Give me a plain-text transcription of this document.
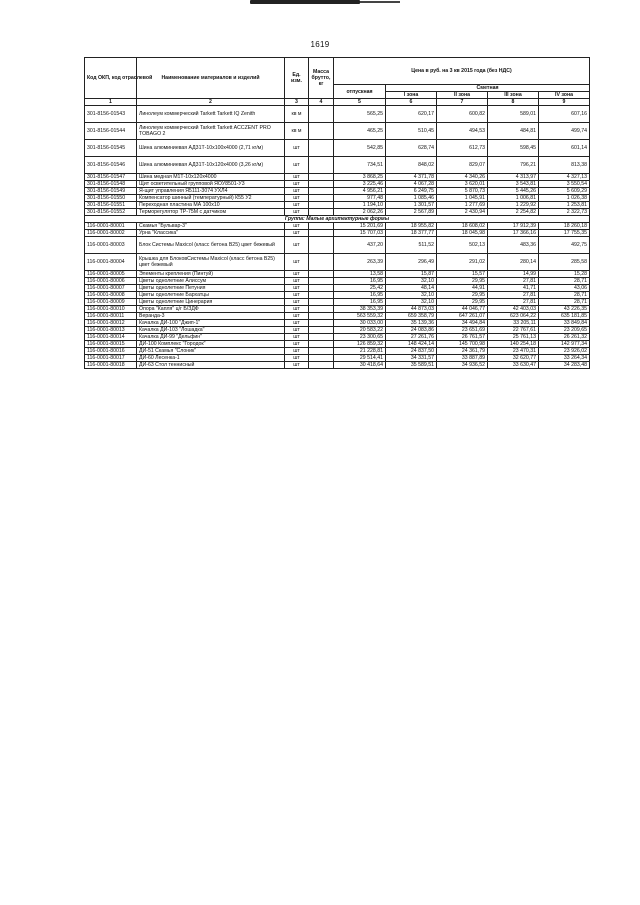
1619
Код ОКП, код отраслевой	Наименование материалов и изделий	Ед. изм.	Масса брутто, кг	Цена в руб. на 3 кв 2015 года (без НДС)				
				отпускная	Сметная			
					I зона	II зона	III зона	IV зона
1	2	3	4	5	6	7	8	9
301-8156-01543	Линолеум коммерческий Tarkett Tarkett IQ Zenith	кв м		565,25	620,17	600,82	589,01	607,16
301-8156-01544	Линолеум коммерческий Tarkett Tarkett ACCZENT PRO TOBAGO 2	кв м		465,25	510,45	494,53	484,81	499,74
301-8156-01545	Шина алюминиевая АД31Т-10х100х4000 (2,71 кг/м)	шт		542,85	628,74	612,73	598,45	601,14
301-8156-01546	Шина алюминиевая АД31Т-10х120х4000 (3,26 кг/м)	шт		734,51	848,02	829,07	796,21	813,38
301-8156-01547	Шина медная М1Т-10х120х4000	шт		3 868,25	4 371,78	4 340,26	4 313,97	4 327,13
301-8156-01548	Щит осветительный групповой ЯОУ8501-У3	шт		3 225,46	4 067,28	3 620,01	3 543,81	3 550,54
301-8156-01549	Я-щит управления Я5111-3074 УХЛ4	шт		4 956,21	6 249,75	5 870,73	5 445,26	5 609,29
301-8156-01550	Компенсатор шинный (температурный) К55 У2	шт		977,48	1 085,46	1 045,91	1 006,81	1 026,38
301-8156-01551	Переходная пластина МА 100х10	шт		1 194,10	1 301,57	1 277,69	1 229,92	1 253,81
301-8156-01552	Терморегулятор ТР-75М с датчиком	шт		2 062,26	2 567,89	2 430,94	2 254,82	2 322,73
Группа: Малые архитектурные формы								
116-0001-80001	Скамья "Бульвар-3"	шт		15 201,69	18 955,82	18 608,02	17 912,39	18 260,18
116-0001-80002	Урна "Классика"	шт		15 707,03	18 377,77	18 045,98	17 366,16	17 755,35
116-0001-80003	Блок Системы Maxicol (класс бетона В25) цвет бежевый	шт		437,20	511,52	502,13	483,36	492,75
116-0001-80004	Крышка для БлоковСистемы Maxicol (класс бетона В25) цвет бежевый	шт		263,39	296,49	291,02	280,14	285,58
116-0001-80005	Элементы крепления (Пинтуй)	шт		13,58	15,87	15,57	14,99	15,28
116-0001-80006	Цветы однолетние Алиссум	шт		16,95	32,10	29,95	27,81	28,71
116-0001-80007	Цветы однолетние Петуния	шт		25,42	48,14	44,91	41,71	43,06
116-0001-80008	Цветы однолетние Бархатцы	шт		16,95	32,10	29,95	27,81	28,71
116-0001-80009	Цветы однолетние Цинерария	шт		16,95	32,10	29,95	27,81	28,71
116-0001-80010	Опора "Капля" ц/г Б/ЗДФ	шт		38 353,39	44 873,03	44 046,77	42 403,03	43 226,35
116-0001-80011	Веранда-3	шт		563 559,32	659 358,79	647 261,07	623 064,22	635 181,85
116-0001-80012	Качалка ДИ-100 "Джип-1"	шт		30 033,00	35 139,36	34 494,84	33 205,11	33 849,84
116-0001-80013	Качалка ДИ-103 "Лошадка"	шт		20 583,22	24 083,86	23 651,69	22 767,61	23 209,65
116-0001-80014	Качалка ДИ-99 "Дельфин"	шт		23 300,65	27 261,76	26 761,57	25 761,13	26 261,32
116-0001-80015	ДИ-100 Комплекс "Городок"	шт		126 859,32	148 424,14	145 700,98	140 254,18	142 977,34
116-0001-80016	ДИ-51 Скамья "Слоник"	шт		21 228,81	24 837,50	24 361,79	23 470,31	23 926,02
116-0001-80017	ДИ-60 Лесенка-1	шт		29 514,41	34 331,57	33 887,89	32 620,77	33 264,34
116-0001-80018	ДИ-63 Стол теннисный	шт		30 418,64	35 589,51	34 936,52	33 630,47	34 283,48
